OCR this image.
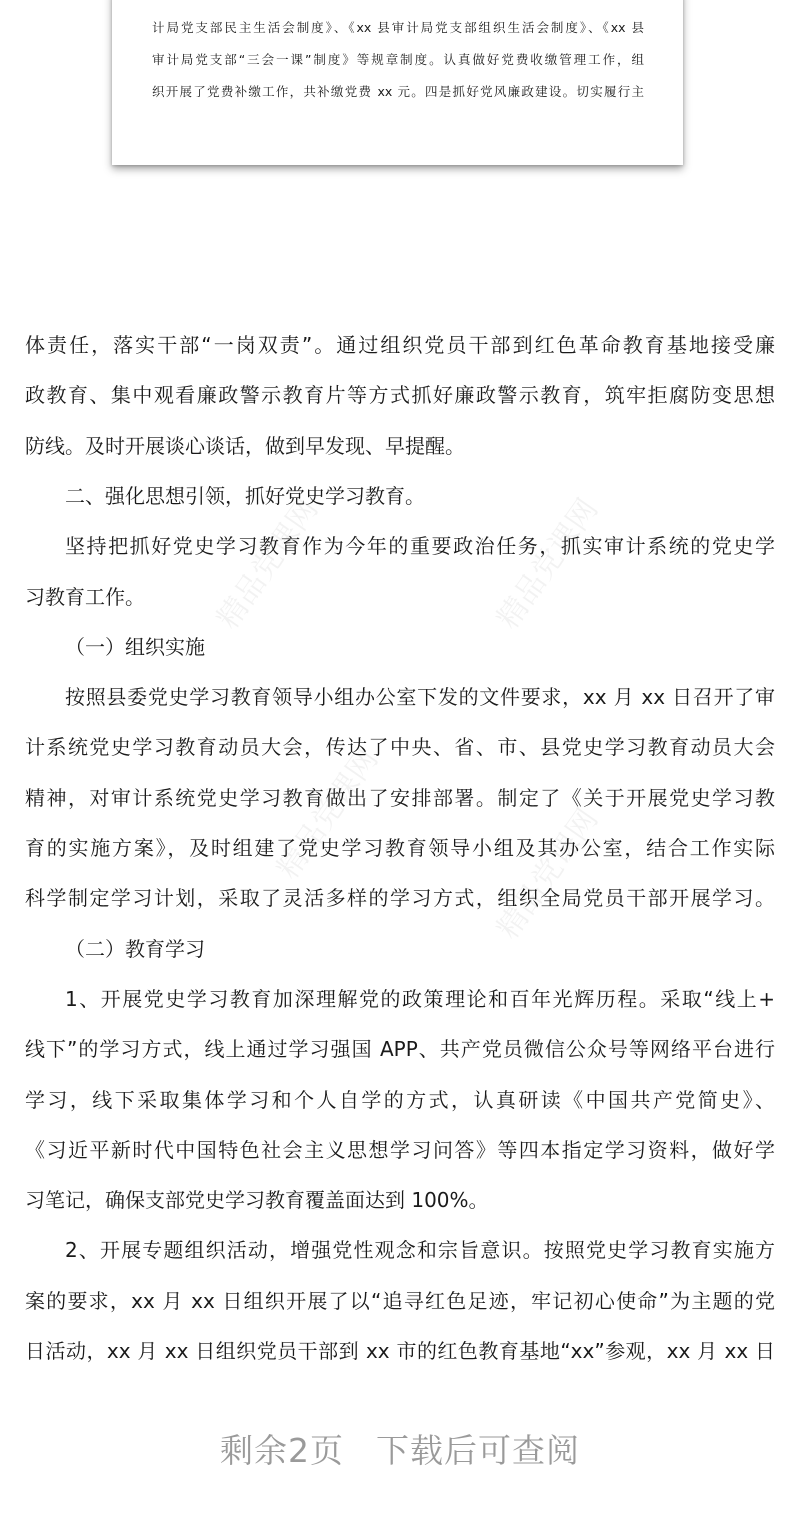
计局党支部民主生活会制度》、《xx 县审计局党支部组织生活会制度》、《xx 县
审计局党支部“三会一课”制度》等规章制度。认真做好党费收缴管理工作，组
织开展了党费补缴工作，共补缴党费 xx 元。四是抓好党风廉政建设。切实履行主
精品党课网	精品党课网
精品党课网	精品党课网
体责任，落实干部“一岗双责”。通过组织党员干部到红色革命教育基地接受廉
政教育、集中观看廉政警示教育片等方式抓好廉政警示教育，筑牢拒腐防变思想
防线。及时开展谈心谈话，做到早发现、早提醒。
二、强化思想引领，抓好党史学习教育。
坚持把抓好党史学习教育作为今年的重要政治任务，抓实审计系统的党史学
习教育工作。
（一）组织实施
按照县委党史学习教育领导小组办公室下发的文件要求，xx 月 xx 日召开了审
计系统党史学习教育动员大会，传达了中央、省、市、县党史学习教育动员大会
精神，对审计系统党史学习教育做出了安排部署。制定了《关于开展党史学习教
育的实施方案》，及时组建了党史学习教育领导小组及其办公室，结合工作实际
科学制定学习计划，采取了灵活多样的学习方式，组织全局党员干部开展学习。
（二）教育学习
1、开展党史学习教育加深理解党的政策理论和百年光辉历程。采取“线上+
线下”的学习方式，线上通过学习强国 APP、共产党员微信公众号等网络平台进行
学习，线下采取集体学习和个人自学的方式，认真研读《中国共产党简史》、
《习近平新时代中国特色社会主义思想学习问答》等四本指定学习资料，做好学
习笔记，确保支部党史学习教育覆盖面达到 100%。
2、开展专题组织活动，增强党性观念和宗旨意识。按照党史学习教育实施方
案的要求，xx 月 xx 日组织开展了以“追寻红色足迹，牢记初心使命”为主题的党
日活动，xx 月 xx 日组织党员干部到 xx 市的红色教育基地“xx”参观，xx 月 xx 日
剩余2页 下载后可查阅
